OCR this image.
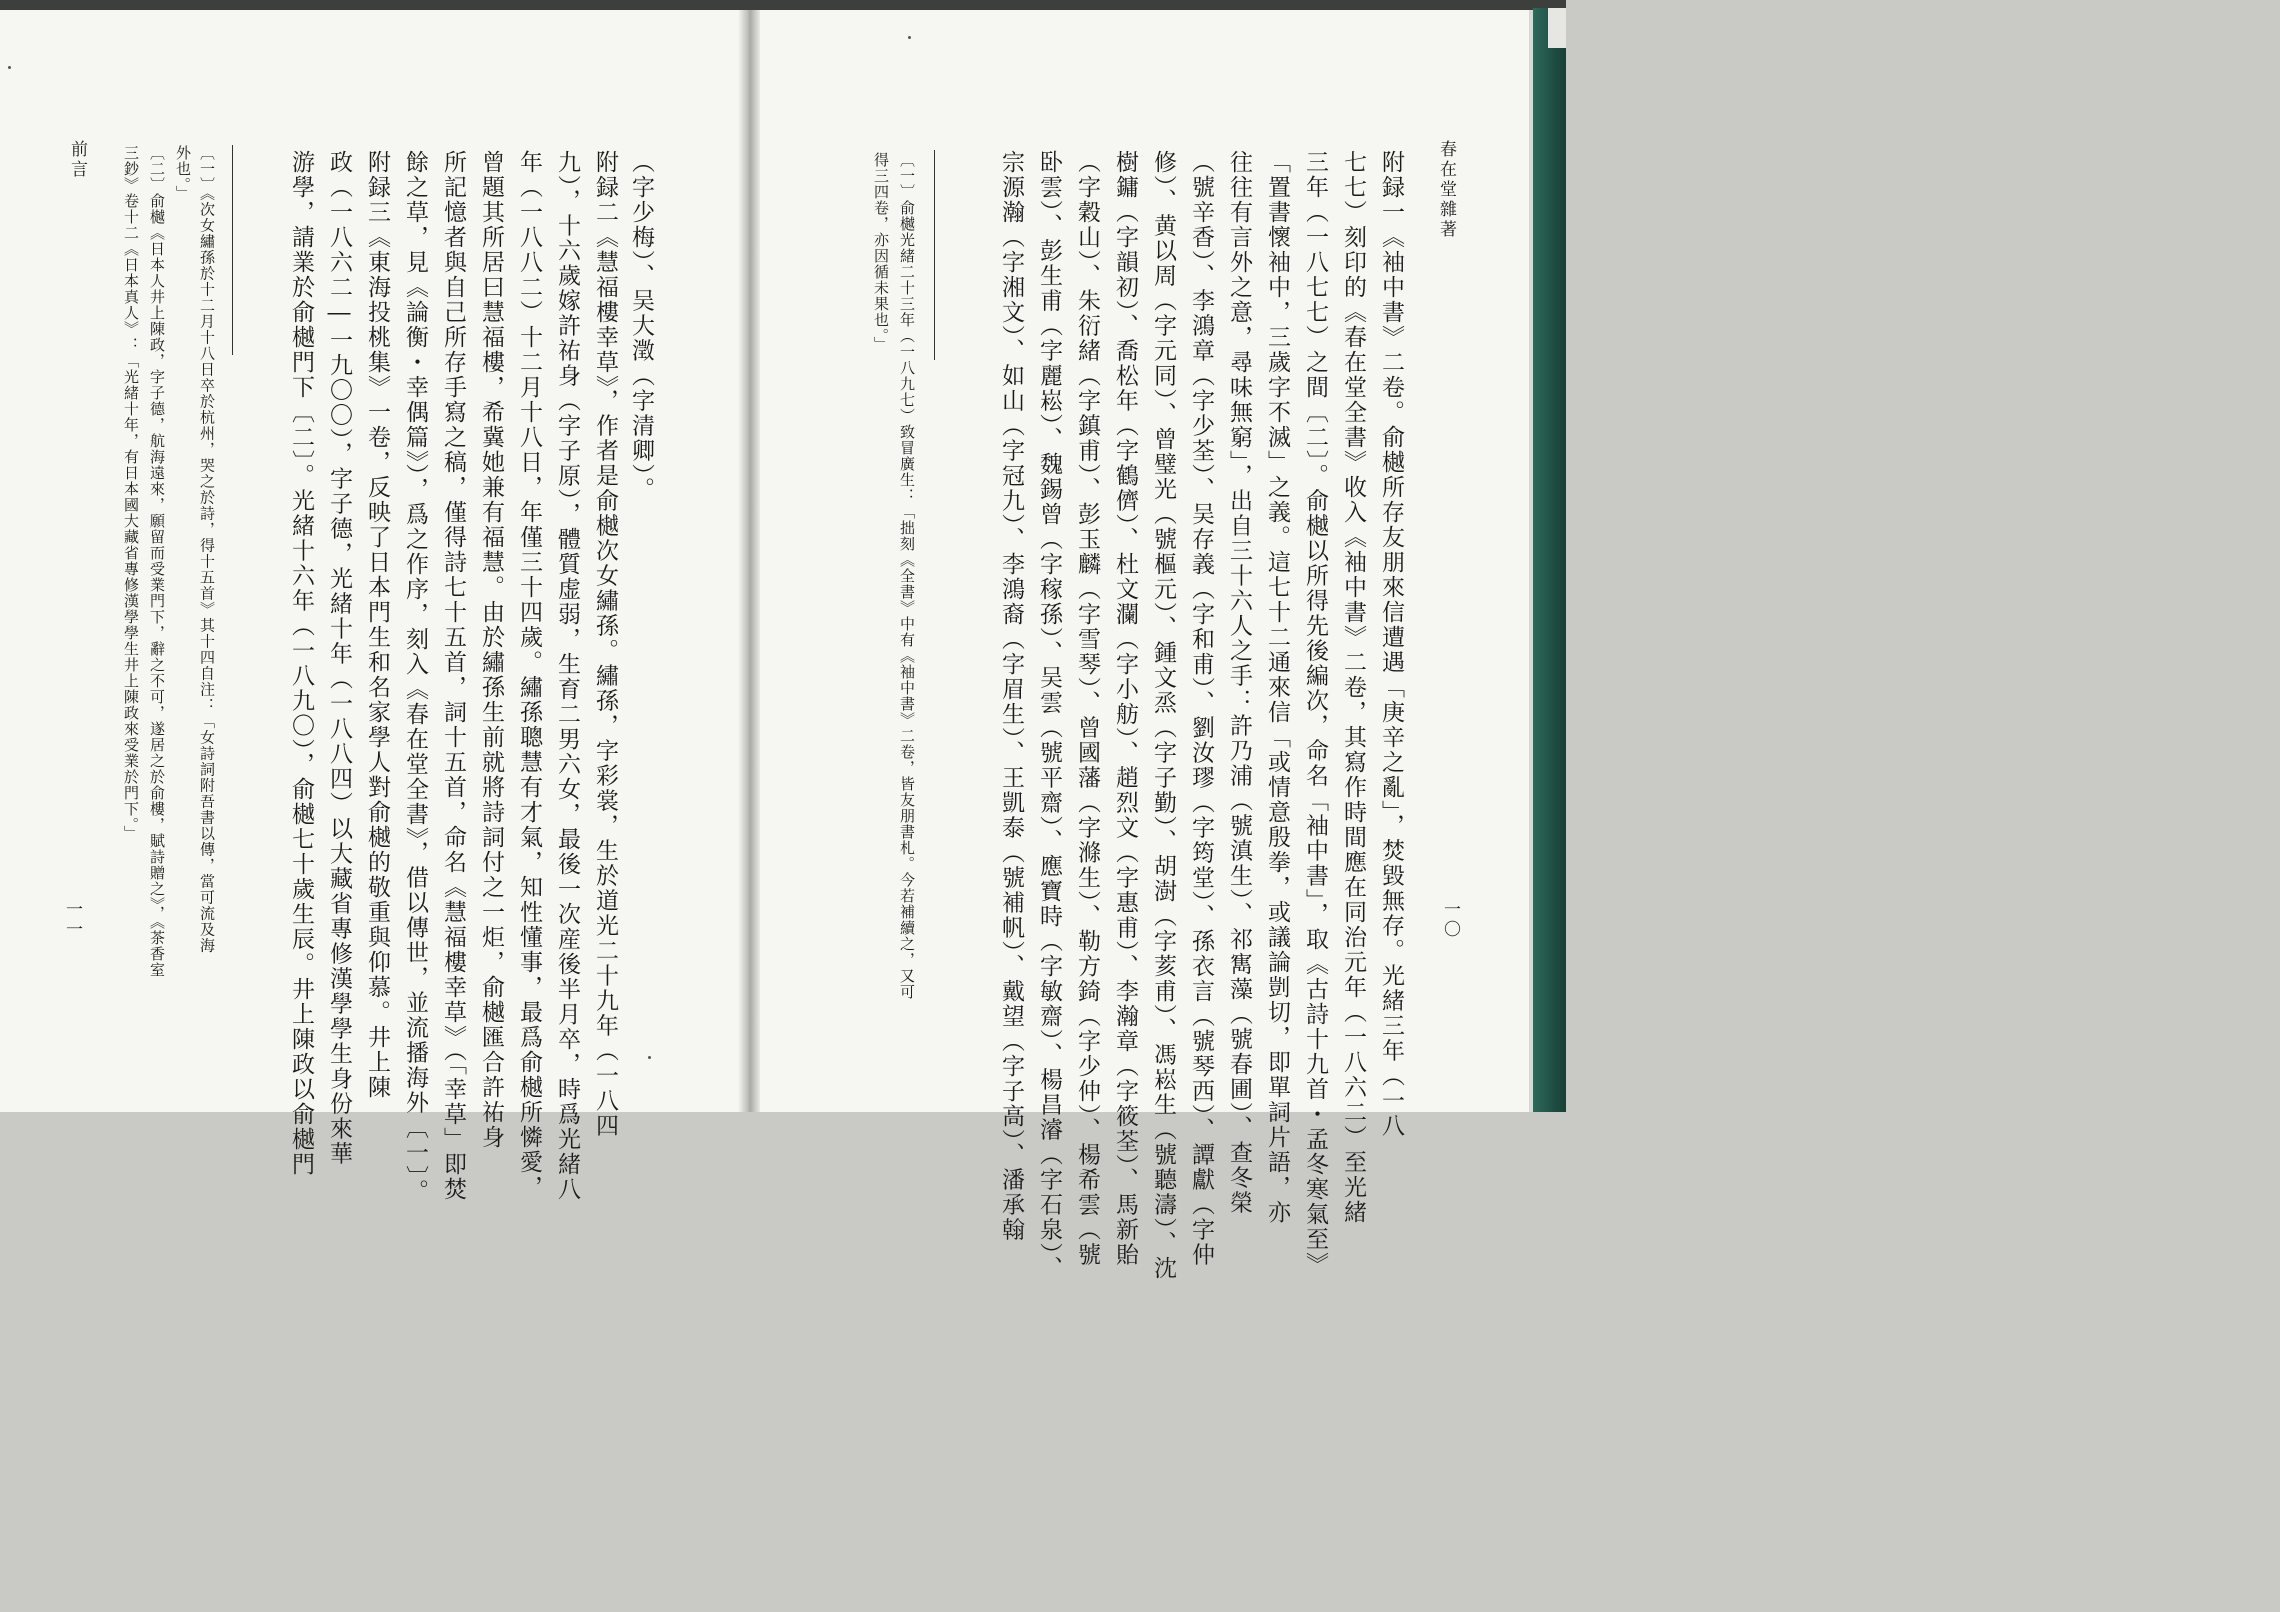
春在堂雜著
附録一《袖中書》二卷。俞樾所存友朋來信遭遇「庚辛之亂」，焚毀無存。光緒三年（一八
七七）刻印的《春在堂全書》收入《袖中書》二卷，其寫作時間應在同治元年（一八六二）至光緒
三年（一八七七）之間〔二〕。俞樾以所得先後編次，命名「袖中書」，取《古詩十九首・孟冬寒氣至》
「置書懷袖中，三歲字不滅」之義。這七十二通來信「或情意殷拳，或議論剴切，即單詞片語，亦
往往有言外之意，尋味無窮」，出自三十六人之手：許乃浦（號滇生）、祁寯藻（號春圃）、查冬榮
（號辛香）、李鴻章（字少荃）、吴存義（字和甫）、劉汝璆（字筠堂）、孫衣言（號琴西）、譚獻（字仲
修）、黄以周（字元同）、曾璧光（號樞元）、鍾文烝（字子勤）、胡澍（字荄甫）、馮崧生（號聽濤）、沈
樹鏞（字韻初）、喬松年（字鶴儕）、杜文瀾（字小舫）、趙烈文（字惠甫）、李瀚章（字筱荃）、馬新貽
（字穀山）、朱衍緒（字鎮甫）、彭玉麟（字雪琴）、曾國藩（字滌生）、勒方錡（字少仲）、楊希雲（號
卧雲）、彭生甫（字麗崧）、魏錫曾（字稼孫）、吴雲（號平齋）、應寶時（字敏齋）、楊昌濬（字石泉）、
宗源瀚（字湘文）、如山（字冠九）、李鴻裔（字眉生）、王凱泰（號補帆）、戴望（字子高）、潘承翰
〔一〕俞樾光緒二十三年（一八九七）致冒廣生：「拙刻《全書》中有《袖中書》二卷，皆友朋書札。今若補續之，又可
得三四卷，亦因循未果也。」
一〇
（字少梅）、吴大澂（字清卿）。
附録二《慧福樓幸草》，作者是俞樾次女繡孫。繡孫，字彩裳，生於道光二十九年（一八四
九），十六歲嫁許祐身（字子原），體質虚弱，生育二男六女，最後一次産後半月卒，時爲光緒八
年（一八八二）十二月十八日，年僅三十四歲。繡孫聰慧有才氣，知性懂事，最爲俞樾所憐愛，
曾題其所居曰慧福樓，希冀她兼有福慧。由於繡孫生前就將詩詞付之一炬，俞樾匯合許祐身
所記憶者與自己所存手寫之稿，僅得詩七十五首，詞十五首，命名《慧福樓幸草》（「幸草」即焚
餘之草，見《論衡・幸偶篇》），爲之作序，刻入《春在堂全書》，借以傳世，並流播海外〔一〕。
附録三《東海投桃集》一卷，反映了日本門生和名家學人對俞樾的敬重與仰慕。井上陳
政（一八六二―一九〇〇），字子德，光緒十年（一八八四）以大藏省專修漢學學生身份來華
游學，請業於俞樾門下〔二〕。光緒十六年（一八九〇），俞樾七十歲生辰。井上陳政以俞樾門
外也。」 〔一〕《次女繡孫於十二月十八日卒於杭州，哭之於詩，得十五首》其十四自注：「女詩詞附吾書以傳，當可流及海
〔二〕俞樾《日本人井上陳政，字子德，航海遠來，願留而受業門下，辭之不可，遂居之於俞樓，賦詩贈之》，《茶香室
三鈔》卷十二《日本真人》：「光緒十年，有日本國大藏省專修漢學學生井上陳政來受業於門下。」
前言
一一
